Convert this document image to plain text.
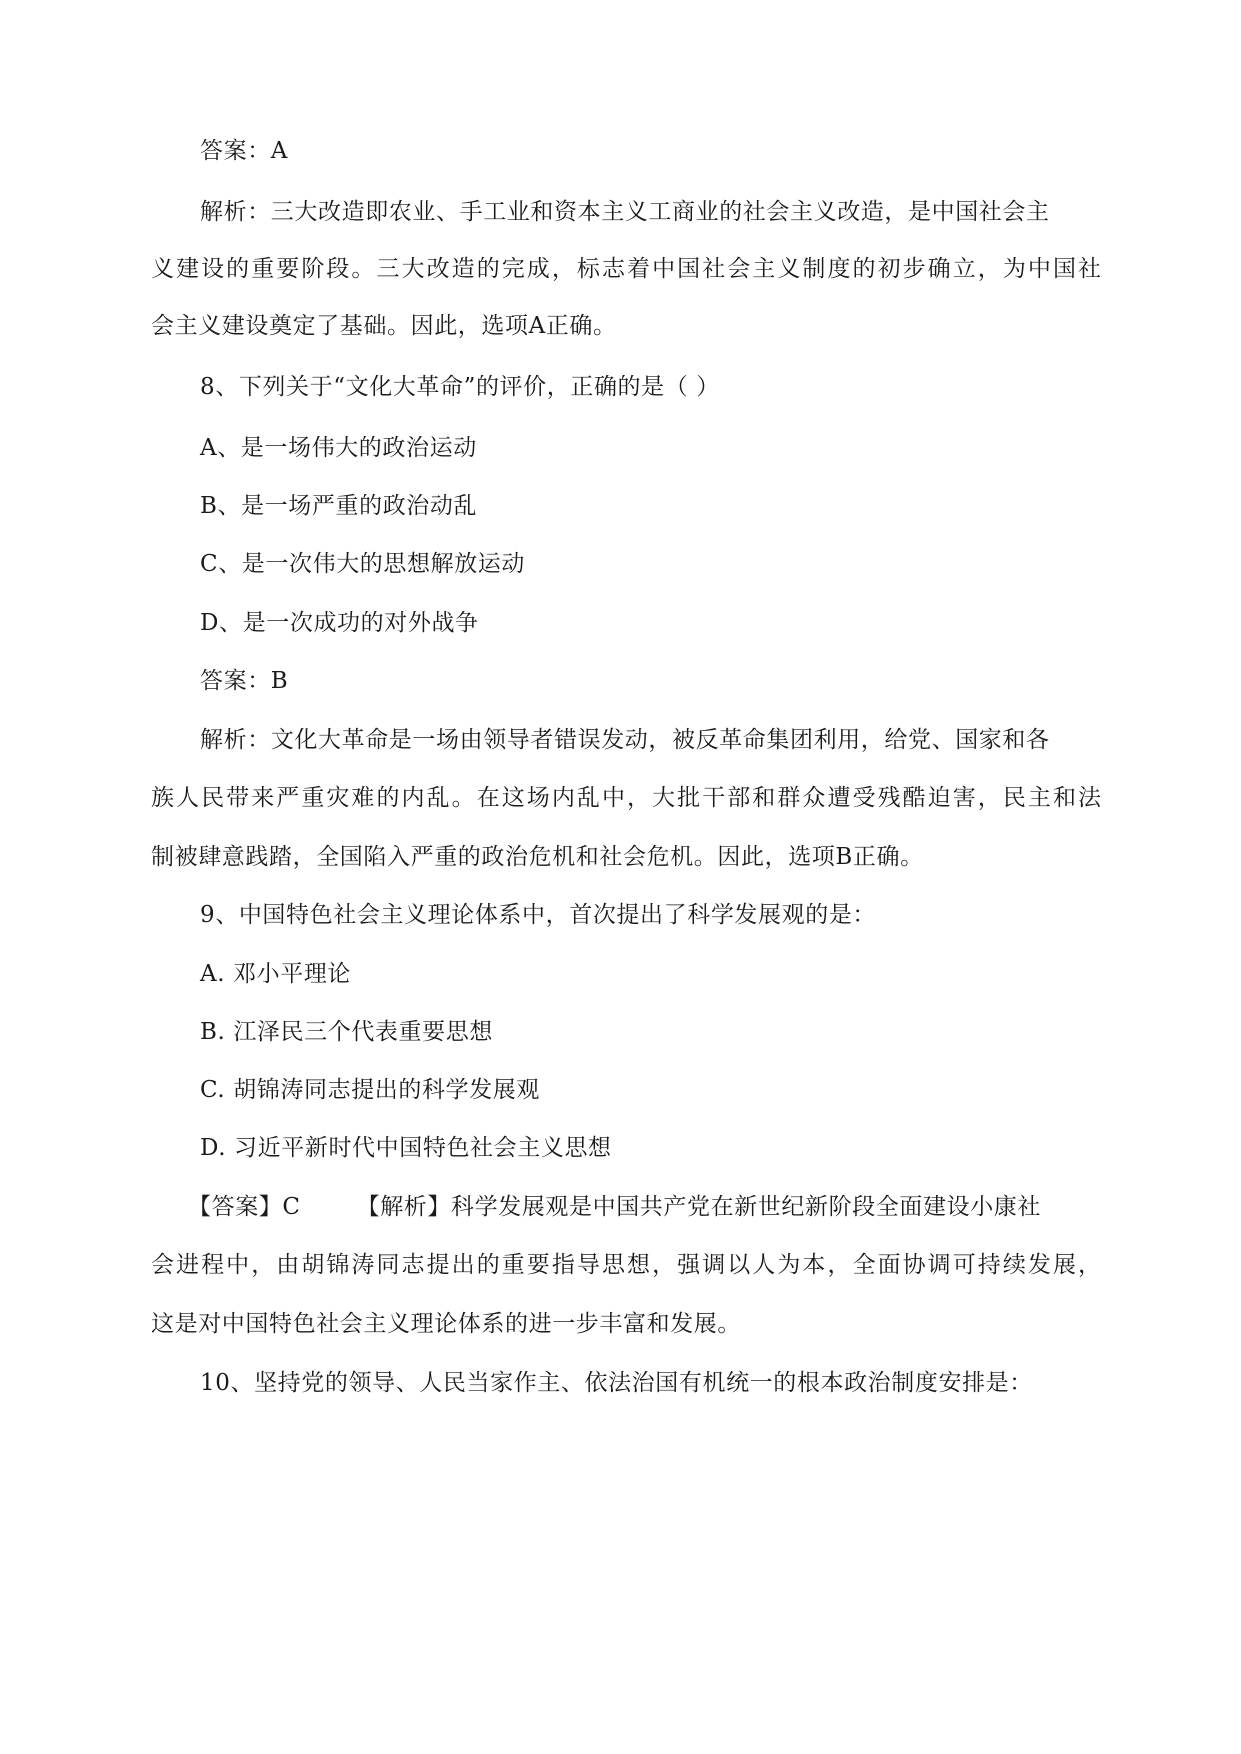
答案：A
解析：三大改造即农业、手工业和资本主义工商业的社会主义改造，是中国社会主
义建设的重要阶段。三大改造的完成，标志着中国社会主义制度的初步确立，为中国社
会主义建设奠定了基础。因此，选项A正确。
8、下列关于“文化大革命”的评价，正确的是（ ）
A、是一场伟大的政治运动
B、是一场严重的政治动乱
C、是一次伟大的思想解放运动
D、是一次成功的对外战争
答案：B
解析：文化大革命是一场由领导者错误发动，被反革命集团利用，给党、国家和各
族人民带来严重灾难的内乱。在这场内乱中，大批干部和群众遭受残酷迫害，民主和法
制被肆意践踏，全国陷入严重的政治危机和社会危机。因此，选项B正确。
9、中国特色社会主义理论体系中，首次提出了科学发展观的是：
A. 邓小平理论
B. 江泽民三个代表重要思想
C. 胡锦涛同志提出的科学发展观
D. 习近平新时代中国特色社会主义思想
【答案】C 【解析】科学发展观是中国共产党在新世纪新阶段全面建设小康社
会进程中，由胡锦涛同志提出的重要指导思想，强调以人为本，全面协调可持续发展，
这是对中国特色社会主义理论体系的进一步丰富和发展。
10、坚持党的领导、人民当家作主、依法治国有机统一的根本政治制度安排是：
